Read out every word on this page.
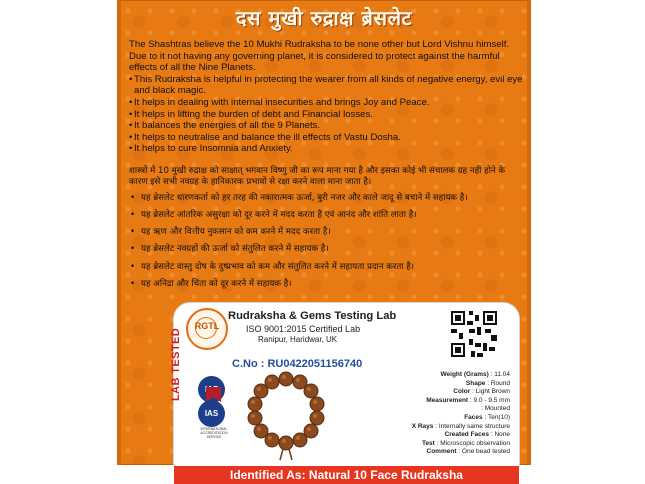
दस मुखी रुद्राक्ष ब्रेसलेट

The Shashtras believe the 10 Mukhi Rudraksha to be none other but Lord Vishnu himself. Due to it not having any governing planet, it is considered to protect against the harmful effects of all the Nine Planets.

• This Rudraksha is helpful in protecting the wearer from all kinds of negative energy, evil eye and black magic.
• It helps in dealing with internal insecurities and brings Joy and Peace.
• It helps in lifting the burden of debt and Financial losses.
• It balances the energies of all the 9 Planets.
• It helps to neutralise and balance the ill effects of Vastu Dosha.
• It helps to cure Insomnia and Anxiety.

शास्त्रों में 10 मुखी रुद्राक्ष को साक्षात् भगवान विष्णु जी का रूप माना गया है और इसका कोई भी संचालक ग्रह नहीं होने के कारण इसे सभी नवग्रह के हानिकारक प्रभावों से रक्षा करने वाला माना जाता है।

• यह ब्रेसलेट धारणकर्ता को हर तरह की नकारात्मक ऊर्जा, बुरी नजर और काले जादू से बचाने में सहायक है।
• यह ब्रेसलेट आंतरिक असुरक्षा को दूर करने में मदद करता है एवं आनंद और शांति लाता है।
• यह ऋण और वित्तीय नुकसान को कम करने में मदद करता है।
• यह ब्रेसलेट नवग्रहों की ऊर्जा को संतुलित करने में सहायक है।
• यह ब्रेसलेट वास्तु दोष के दुष्प्रभाव को कम और संतुलित करने में सहायता प्रदान करता है।
• यह अनिद्रा और चिंता को दूर करने में सहायक है।
RGTL
Rudraksha & Gems Testing Lab
ISO 9001:2015 Certified Lab
Ranipur, Haridwar, UK
C.No : RU0422051156740
LAB TESTED
IAS
INTERNATIONAL ACCREDITATION SERVICE
Weight (Grams) : 11.04
Shape : Round
Color : Light Brown
Measurement : 9.0 - 9.5 mm
: Mounted
Faces : Ten(10)
X Rays : Internally same structure
Created Faces : None
Test : Microscopic observation
Comment : One bead tested
Identified As: Natural 10 Face Rudraksha
